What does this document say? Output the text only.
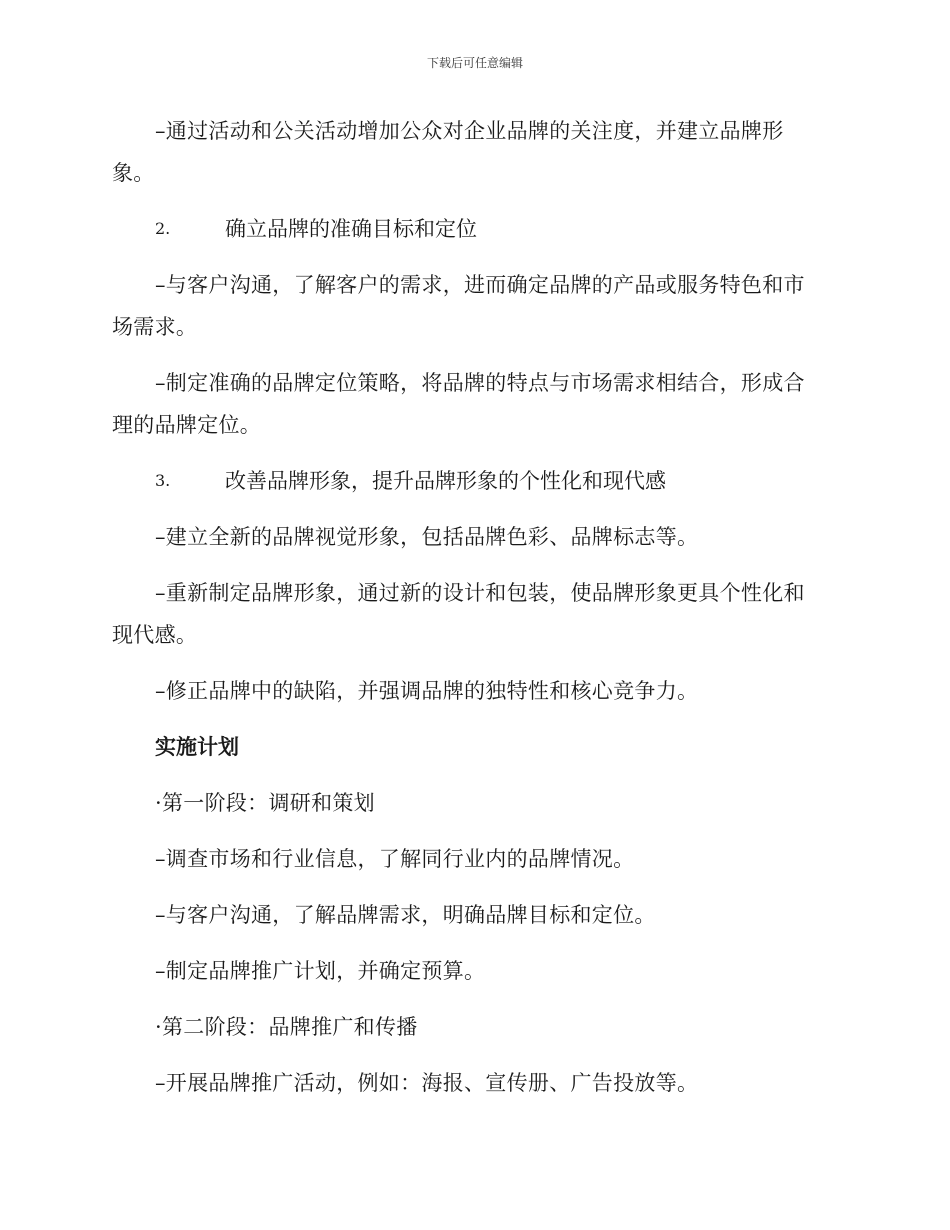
下载后可任意编辑

–通过活动和公关活动增加公众对企业品牌的关注度，并建立品牌形象。

2.	确立品牌的准确目标和定位

–与客户沟通，了解客户的需求，进而确定品牌的产品或服务特色和市场需求。

–制定准确的品牌定位策略，将品牌的特点与市场需求相结合，形成合理的品牌定位。

3.	改善品牌形象，提升品牌形象的个性化和现代感

–建立全新的品牌视觉形象，包括品牌色彩、品牌标志等。

–重新制定品牌形象，通过新的设计和包装，使品牌形象更具个性化和现代感。

–修正品牌中的缺陷，并强调品牌的独特性和核心竞争力。

实施计划

·第一阶段：调研和策划

–调查市场和行业信息，了解同行业内的品牌情况。

–与客户沟通，了解品牌需求，明确品牌目标和定位。

–制定品牌推广计划，并确定预算。

·第二阶段：品牌推广和传播

–开展品牌推广活动，例如：海报、宣传册、广告投放等。
